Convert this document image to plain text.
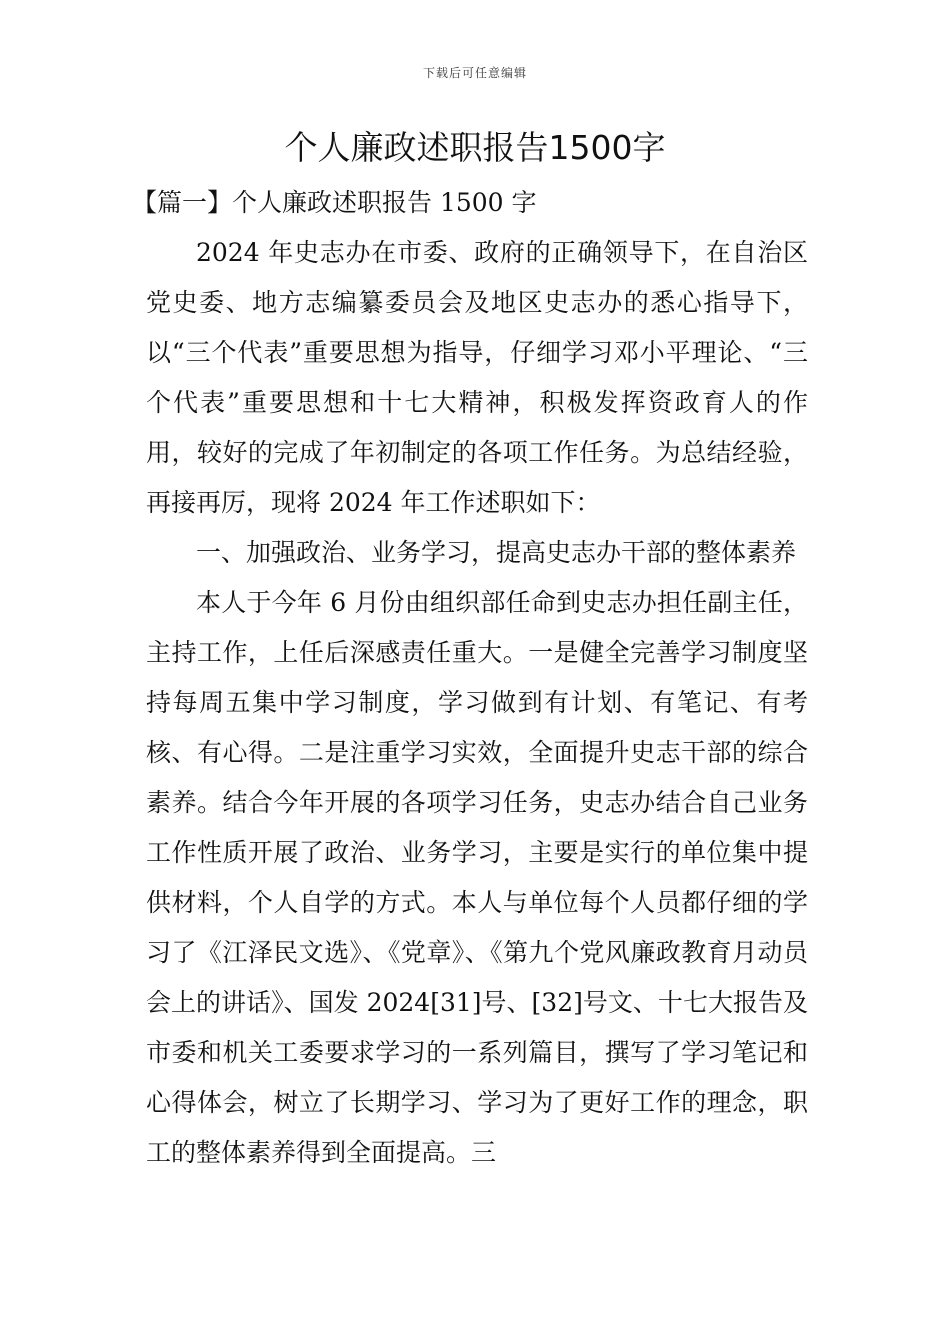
下载后可任意编辑
个人廉政述职报告1500字

【篇一】个人廉政述职报告 1500 字

2024 年史志办在市委、政府的正确领导下，在自治区党史委、地方志编纂委员会及地区史志办的悉心指导下，以“三个代表”重要思想为指导，仔细学习邓小平理论、“三个代表”重要思想和十七大精神，积极发挥资政育人的作用，较好的完成了年初制定的各项工作任务。为总结经验，再接再厉，现将 2024 年工作述职如下：

一、加强政治、业务学习，提高史志办干部的整体素养

本人于今年 6 月份由组织部任命到史志办担任副主任，主持工作，上任后深感责任重大。一是健全完善学习制度坚持每周五集中学习制度，学习做到有计划、有笔记、有考核、有心得。二是注重学习实效，全面提升史志干部的综合素养。结合今年开展的各项学习任务，史志办结合自己业务工作性质开展了政治、业务学习，主要是实行的单位集中提供材料，个人自学的方式。本人与单位每个人员都仔细的学习了《江泽民文选》、《党章》、《第九个党风廉政教育月动员会上的讲话》、国发 2024[31]号、[32]号文、十七大报告及市委和机关工委要求学习的一系列篇目，撰写了学习笔记和心得体会，树立了长期学习、学习为了更好工作的理念，职工的整体素养得到全面提高。三
